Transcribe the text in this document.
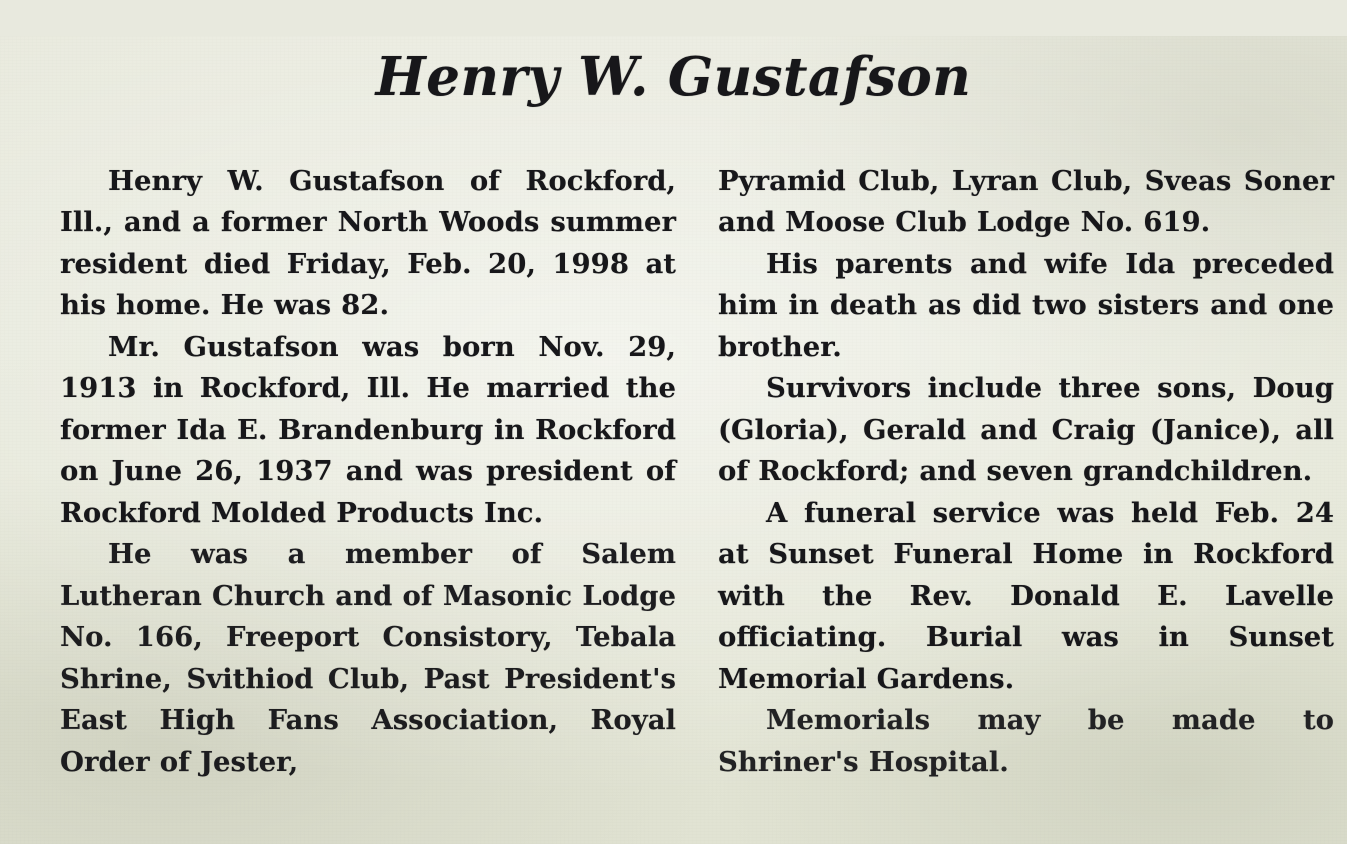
Henry W. Gustafson

Henry W. Gustafson of Rockford, Ill., and a former North Woods summer resident died Friday, Feb. 20, 1998 at his home. He was 82.

Mr. Gustafson was born Nov. 29, 1913 in Rockford, Ill. He married the former Ida E. Brandenburg in Rockford on June 26, 1937 and was president of Rockford Molded Products Inc.

He was a member of Salem Lutheran Church and of Masonic Lodge No. 166, Freeport Consistory, Tebala Shrine, Svithiod Club, Past President's East High Fans Association, Royal Order of Jester,

Pyramid Club, Lyran Club, Sveas Soner and Moose Club Lodge No. 619.

His parents and wife Ida preceded him in death as did two sisters and one brother.

Survivors include three sons, Doug (Gloria), Gerald and Craig (Janice), all of Rockford; and seven grandchildren.

A funeral service was held Feb. 24 at Sunset Funeral Home in Rockford with the Rev. Donald E. Lavelle officiating. Burial was in Sunset Memorial Gardens.

Memorials may be made to Shriner's Hospital.
